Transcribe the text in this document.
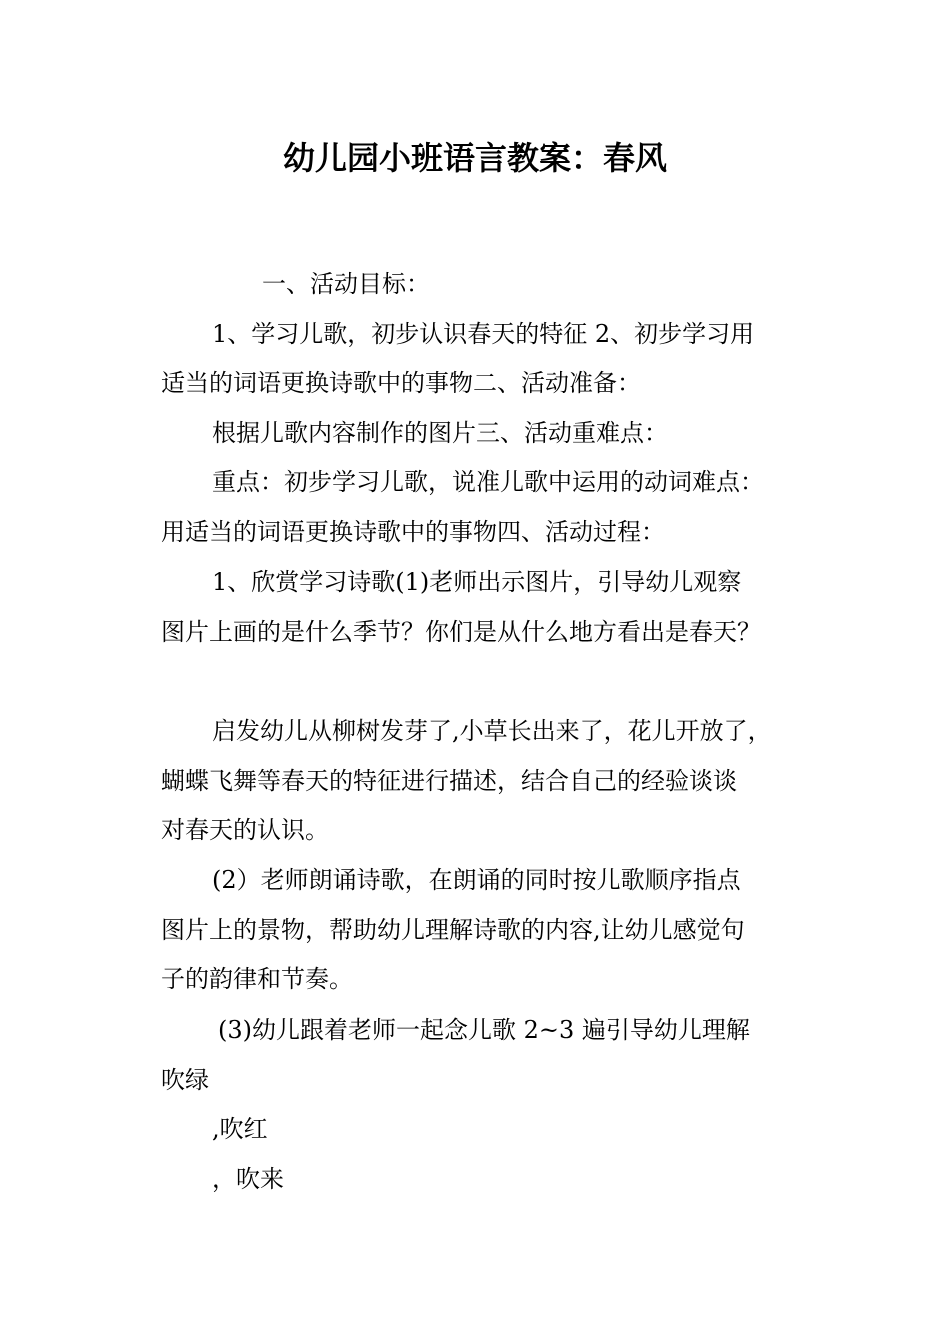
幼儿园小班语言教案：春风
一、活动目标：
1、学习儿歌，初步认识春天的特征 2、初步学习用
适当的词语更换诗歌中的事物二、活动准备：
根据儿歌内容制作的图片三、活动重难点：
重点：初步学习儿歌，说准儿歌中运用的动词难点：
用适当的词语更换诗歌中的事物四、活动过程：
1、欣赏学习诗歌(1)老师出示图片，引导幼儿观察
图片上画的是什么季节？你们是从什么地方看出是春天？
启发幼儿从柳树发芽了,小草长出来了，花儿开放了，
蝴蝶飞舞等春天的特征进行描述，结合自己的经验谈谈
对春天的认识。
(2）老师朗诵诗歌，在朗诵的同时按儿歌顺序指点
图片上的景物，帮助幼儿理解诗歌的内容,让幼儿感觉句
子的韵律和节奏。
(3)幼儿跟着老师一起念儿歌 2~3 遍引导幼儿理解
吹绿
,吹红
，吹来
